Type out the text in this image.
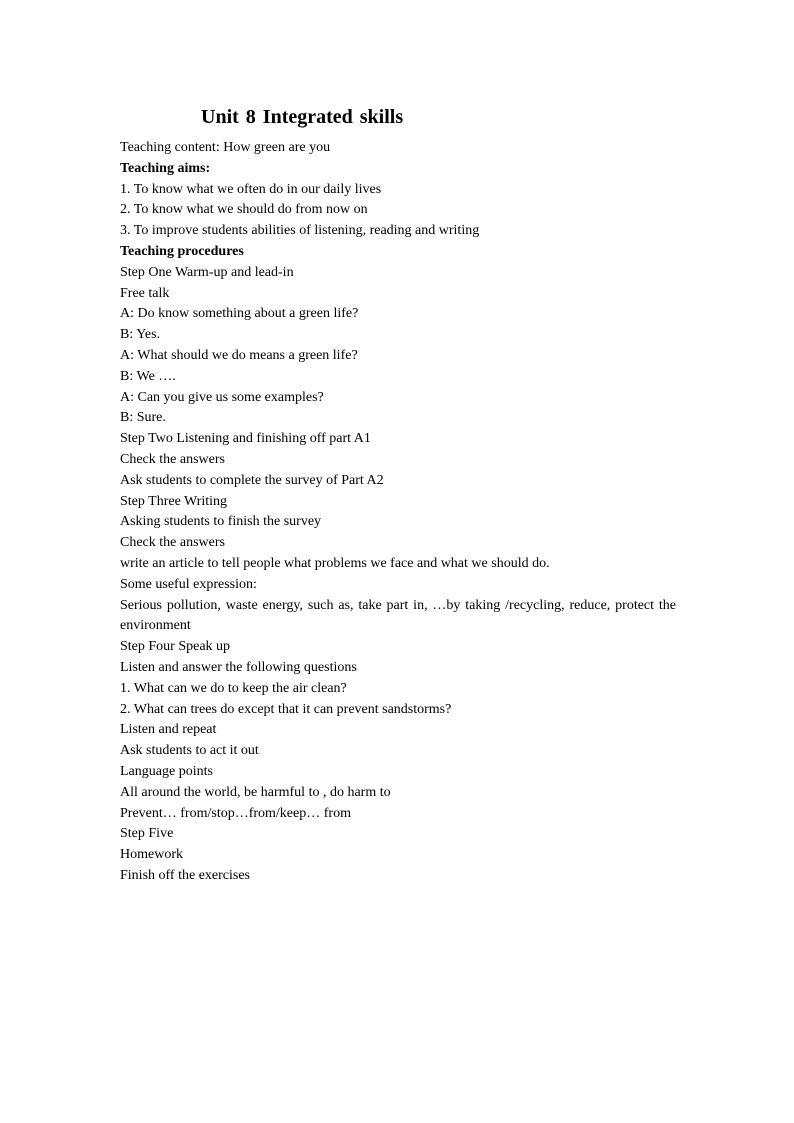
Unit 8 Integrated skills

Teaching content: How green are you

Teaching aims:

1. To know what we often do in our daily lives

2. To know what we should do from now on

3. To improve students abilities of listening, reading and writing

Teaching procedures

Step One Warm-up and lead-in

Free talk

A: Do know something about a green life?

B: Yes.

A: What should we do means a green life?

B: We ….

A: Can you give us some examples?

B: Sure.

Step Two Listening and finishing off part A1

Check the answers

Ask students to complete the survey of Part A2

Step Three Writing

Asking students to finish the survey

Check the answers

write an article to tell people what problems we face and what we should do.

Some useful expression:

Serious pollution, waste energy, such as, take part in, …by taking /recycling, reduce, protect the environment

Step Four Speak up

Listen and answer the following questions

1. What can we do to keep the air clean?

2. What can trees do except that it can prevent sandstorms?

Listen and repeat

Ask students to act it out

Language points

All around the world, be harmful to , do harm to

Prevent… from/stop…from/keep… from

Step Five

Homework

Finish off the exercises
